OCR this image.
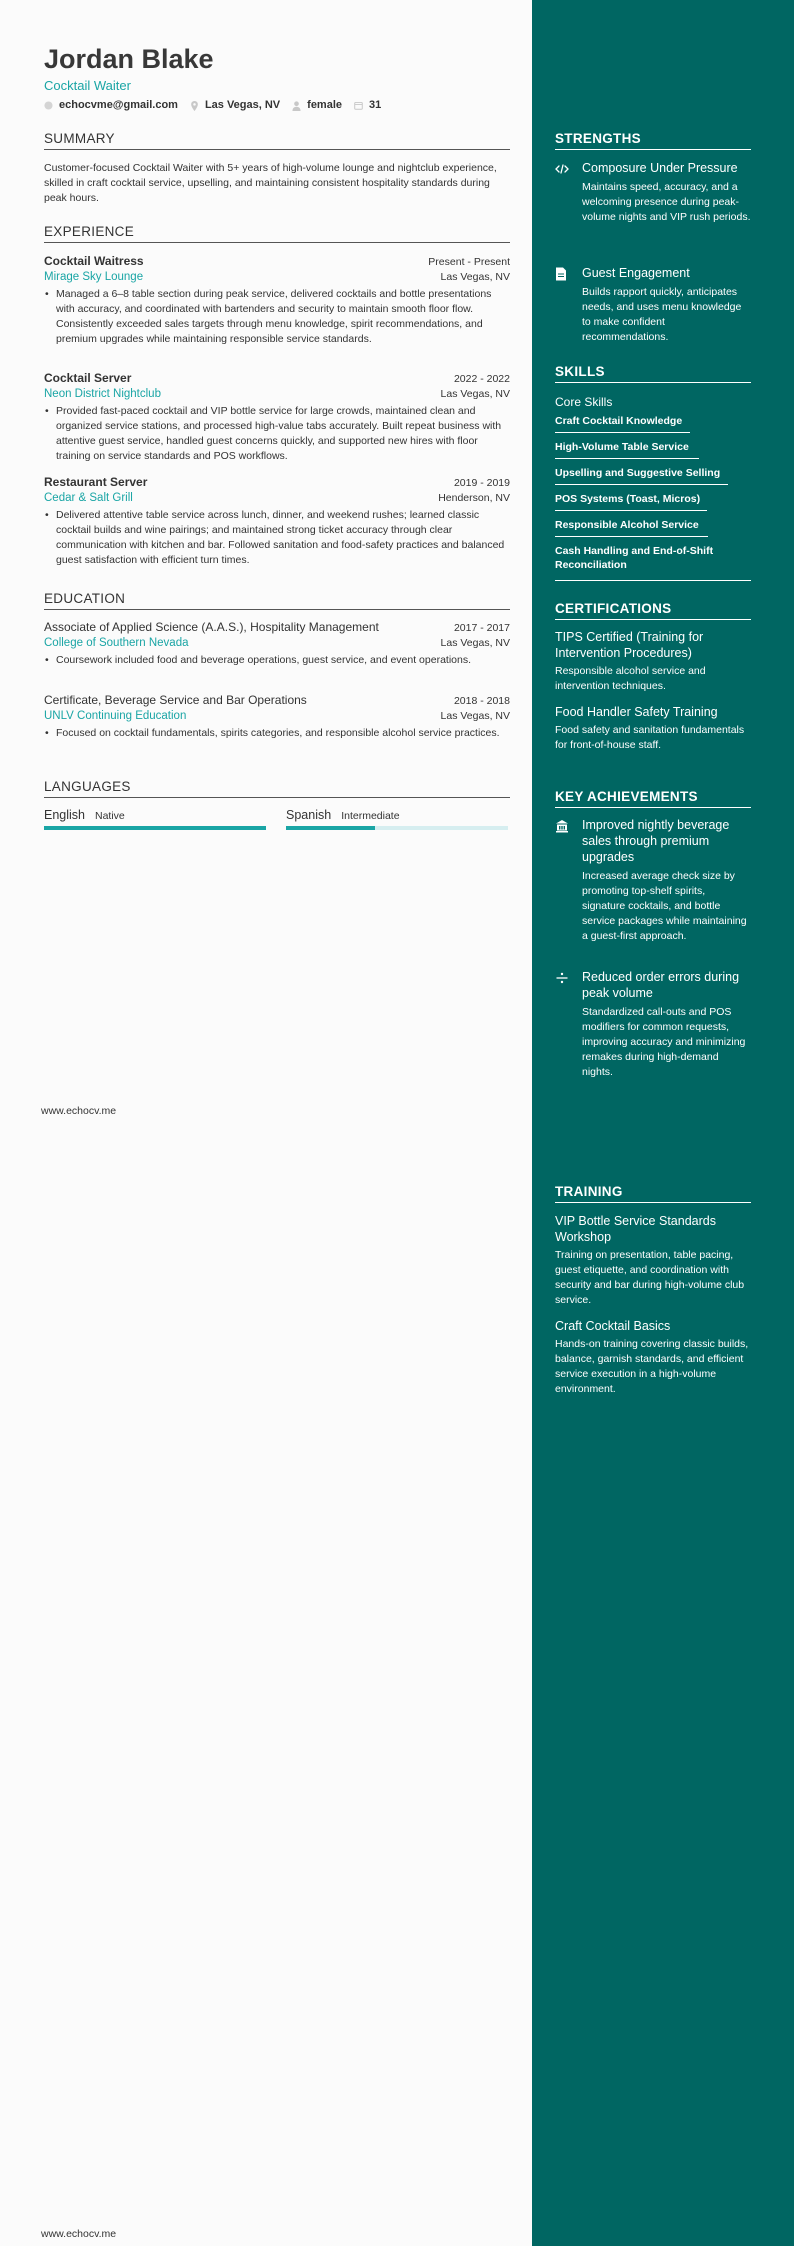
Jordan Blake
Cocktail Waiter
echocvme@gmail.com Las Vegas, NV female 31
SUMMARY
Customer-focused Cocktail Waiter with 5+ years of high-volume lounge and nightclub experience, skilled in craft cocktail service, upselling, and maintaining consistent hospitality standards during peak hours.
EXPERIENCE
Cocktail Waitress	Present - Present
Mirage Sky Lounge	Las Vegas, NV
• Managed a 6–8 table section during peak service, delivered cocktails and bottle presentations with accuracy, and coordinated with bartenders and security to maintain smooth floor flow. Consistently exceeded sales targets through menu knowledge, spirit recommendations, and premium upgrades while maintaining responsible service standards.
Cocktail Server	2022 - 2022
Neon District Nightclub	Las Vegas, NV
• Provided fast-paced cocktail and VIP bottle service for large crowds, maintained clean and organized service stations, and processed high-value tabs accurately. Built repeat business with attentive guest service, handled guest concerns quickly, and supported new hires with floor training on service standards and POS workflows.
Restaurant Server	2019 - 2019
Cedar & Salt Grill	Henderson, NV
• Delivered attentive table service across lunch, dinner, and weekend rushes; learned classic cocktail builds and wine pairings; and maintained strong ticket accuracy through clear communication with kitchen and bar. Followed sanitation and food-safety practices and balanced guest satisfaction with efficient turn times.
EDUCATION
Associate of Applied Science (A.A.S.), Hospitality Management	2017 - 2017
College of Southern Nevada	Las Vegas, NV
• Coursework included food and beverage operations, guest service, and event operations.
Certificate, Beverage Service and Bar Operations	2018 - 2018
UNLV Continuing Education	Las Vegas, NV
• Focused on cocktail fundamentals, spirits categories, and responsible alcohol service practices.
LANGUAGES
English Native	Spanish Intermediate
www.echocv.me
www.echocv.me
STRENGTHS
Composure Under Pressure
Maintains speed, accuracy, and a welcoming presence during peak-volume nights and VIP rush periods.
Guest Engagement
Builds rapport quickly, anticipates needs, and uses menu knowledge to make confident recommendations.
SKILLS
Core Skills
Craft Cocktail Knowledge
High-Volume Table Service
Upselling and Suggestive Selling
POS Systems (Toast, Micros)
Responsible Alcohol Service
Cash Handling and End-of-Shift Reconciliation
CERTIFICATIONS
TIPS Certified (Training for Intervention Procedures)
Responsible alcohol service and intervention techniques.
Food Handler Safety Training
Food safety and sanitation fundamentals for front-of-house staff.
KEY ACHIEVEMENTS
Improved nightly beverage sales through premium upgrades
Increased average check size by promoting top-shelf spirits, signature cocktails, and bottle service packages while maintaining a guest-first approach.
Reduced order errors during peak volume
Standardized call-outs and POS modifiers for common requests, improving accuracy and minimizing remakes during high-demand nights.
TRAINING
VIP Bottle Service Standards Workshop
Training on presentation, table pacing, guest etiquette, and coordination with security and bar during high-volume club service.
Craft Cocktail Basics
Hands-on training covering classic builds, balance, garnish standards, and efficient service execution in a high-volume environment.
